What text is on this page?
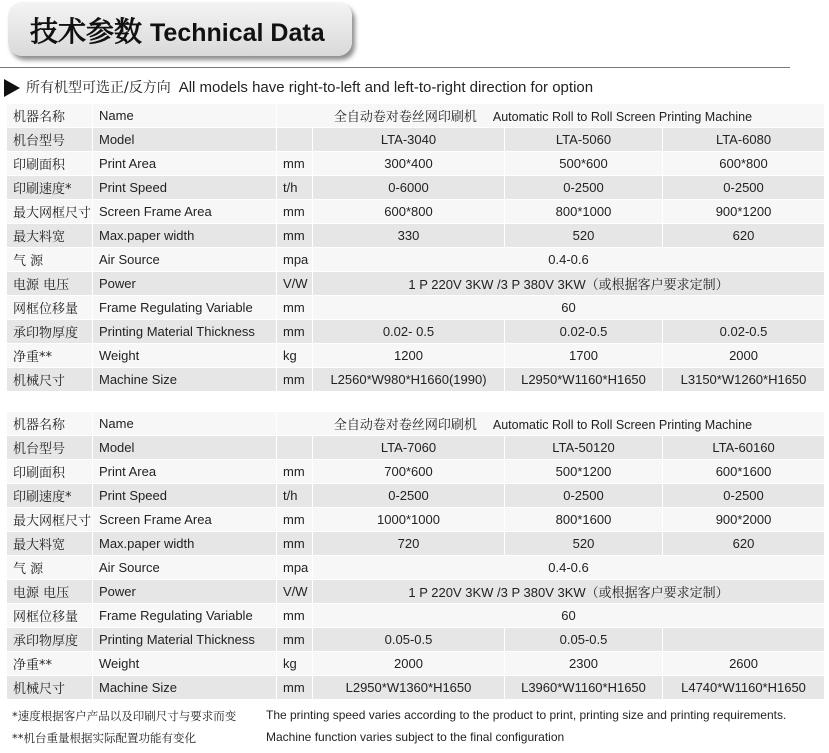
技术参数 Technical Data
所有机型可选正/反方向 All models have right-to-left and left-to-right direction for option
机器名称	Name	全自动卷对卷丝网印刷机 Automatic Roll to Roll Screen Printing Machine			
机台型号	Model		LTA-3040	LTA-5060	LTA-6080
印刷面积	Print Area	mm	300*400	500*600	600*800
印刷速度*	Print Speed	t/h	0-6000	0-2500	0-2500
最大网框尺寸	Screen Frame Area	mm	600*800	800*1000	900*1200
最大料宽	Max.paper width	mm	330	520	620
气 源	Air Source	mpa	0.4-0.6		
电源 电压	Power	V/W	1 P 220V 3KW /3 P 380V 3KW（或根据客户要求定制）		
网框位移量	Frame Regulating Variable	mm	60		
承印物厚度	Printing Material Thickness	mm	0.02- 0.5	0.02-0.5	0.02-0.5
净重**	Weight	kg	1200	1700	2000
机械尺寸	Machine Size	mm	L2560*W980*H1660(1990)	L2950*W1160*H1650	L3150*W1260*H1650
机器名称	Name	全自动卷对卷丝网印刷机 Automatic Roll to Roll Screen Printing Machine			
机台型号	Model		LTA-7060	LTA-50120	LTA-60160
印刷面积	Print Area	mm	700*600	500*1200	600*1600
印刷速度*	Print Speed	t/h	0-2500	0-2500	0-2500
最大网框尺寸	Screen Frame Area	mm	1000*1000	800*1600	900*2000
最大料宽	Max.paper width	mm	720	520	620
气 源	Air Source	mpa	0.4-0.6		
电源 电压	Power	V/W	1 P 220V 3KW /3 P 380V 3KW（或根据客户要求定制）		
网框位移量	Frame Regulating Variable	mm	60		
承印物厚度	Printing Material Thickness	mm	0.05-0.5	0.05-0.5	
净重**	Weight	kg	2000	2300	2600
机械尺寸	Machine Size	mm	L2950*W1360*H1650	L3960*W1160*H1650	L4740*W1160*H1650
*速度根据客户产品以及印刷尺寸与要求而变 The printing speed varies according to the product to print, printing size and printing requirements.
**机台重量根据实际配置功能有变化	Machine function varies subject to the final configuration
